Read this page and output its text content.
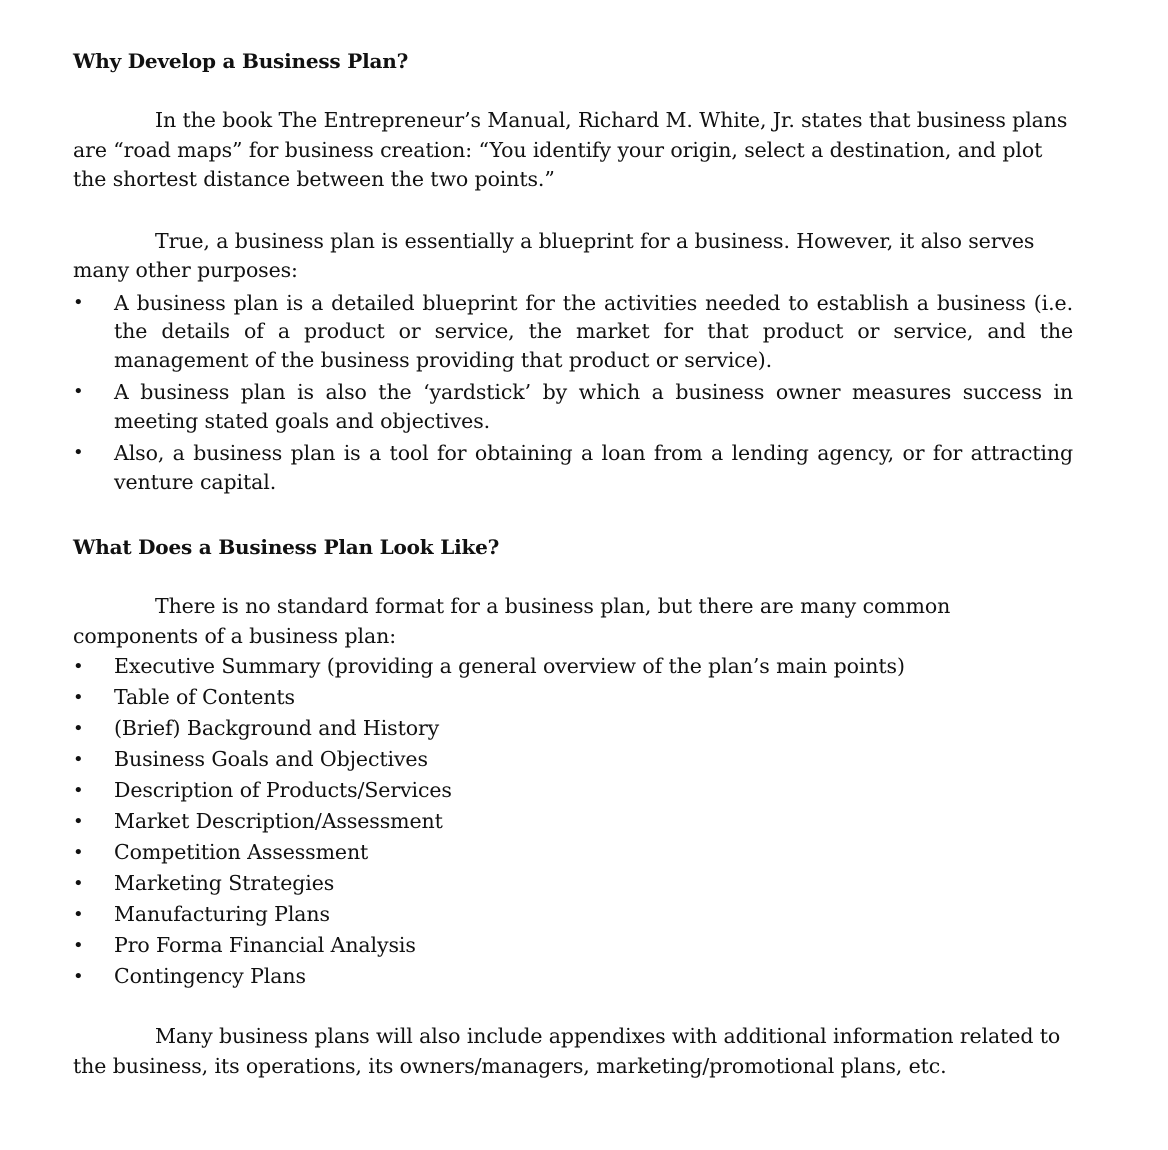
Why Develop a Business Plan?

In the book The Entrepreneur’s Manual, Richard M. White, Jr. states that business plans are “road maps” for business creation: “You identify your origin, select a destination, and plot the shortest distance between the two points.”

True, a business plan is essentially a blueprint for a business. However, it also serves many other purposes:

• A business plan is a detailed blueprint for the activities needed to establish a business (i.e. the details of a product or service, the market for that product or service, and the management of the business providing that product or service).
• A business plan is also the ‘yardstick’ by which a business owner measures success in meeting stated goals and objectives.
• Also, a business plan is a tool for obtaining a loan from a lending agency, or for attracting venture capital.
What Does a Business Plan Look Like?

There is no standard format for a business plan, but there are many common components of a business plan:

• Executive Summary (providing a general overview of the plan’s main points)
• Table of Contents
• (Brief) Background and History
• Business Goals and Objectives
• Description of Products/Services
• Market Description/Assessment
• Competition Assessment
• Marketing Strategies
• Manufacturing Plans
• Pro Forma Financial Analysis
• Contingency Plans

Many business plans will also include appendixes with additional information related to the business, its operations, its owners/managers, marketing/promotional plans, etc.
